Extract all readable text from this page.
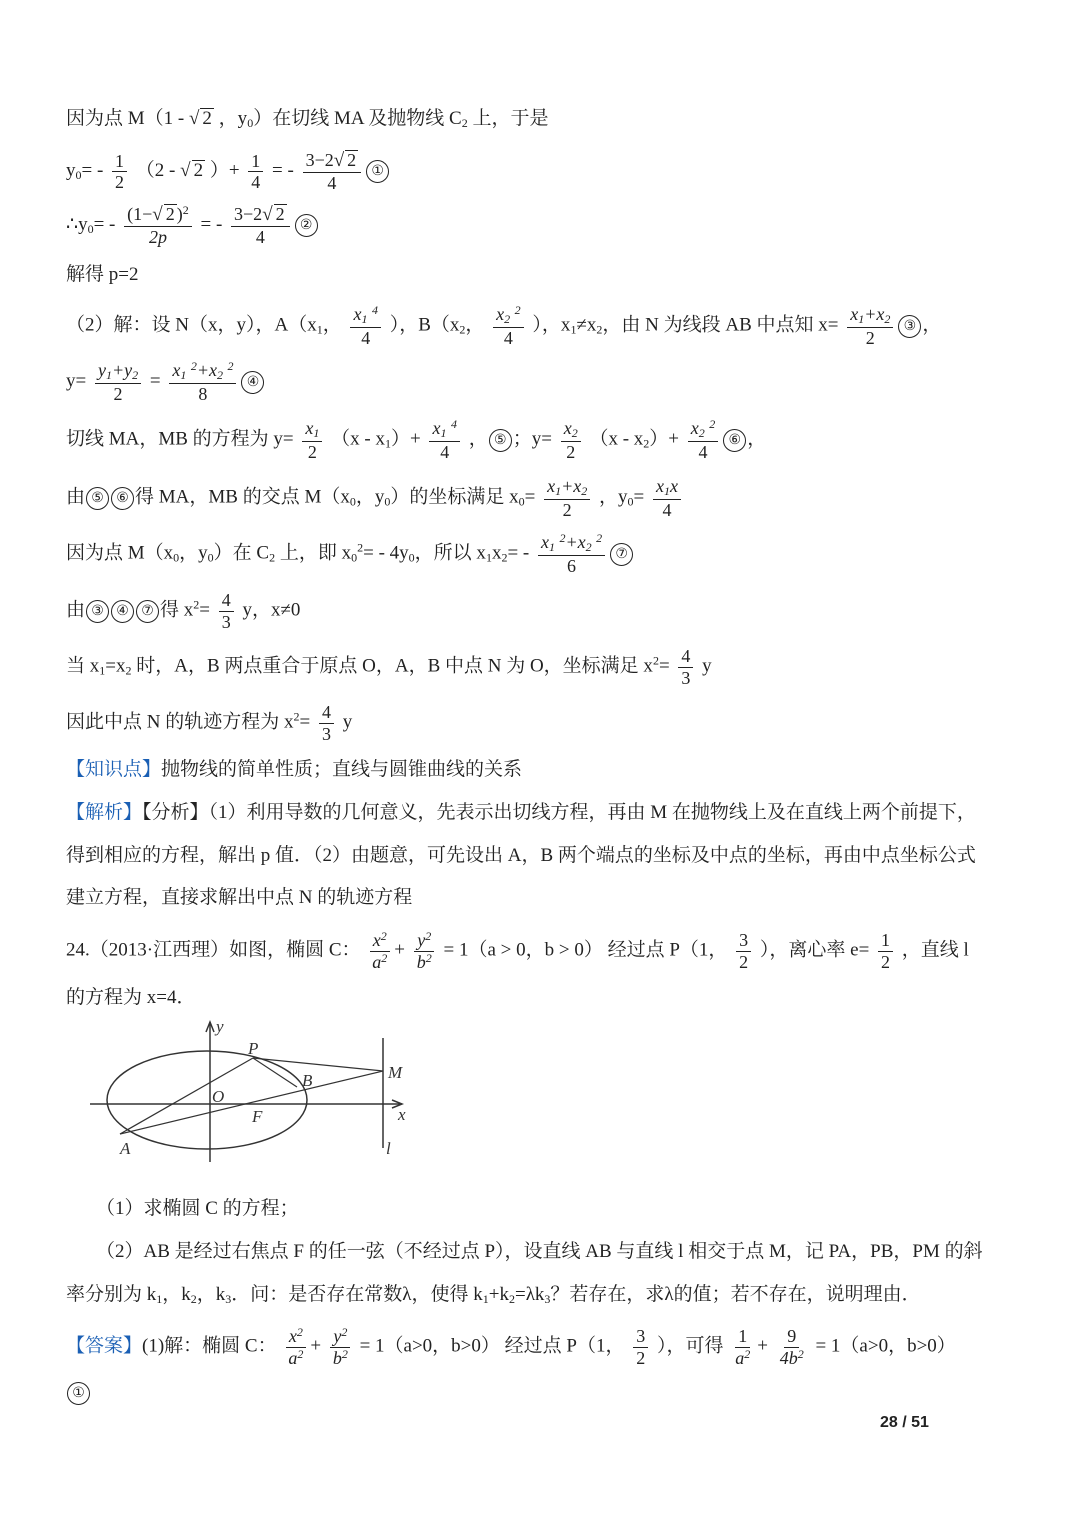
因为点 M（1 - √ 2 ，$y_0$）在切线 MA 及抛物线 $C_2$ 上，于是
$y_0= - \frac{1}{2} (2$ - √ 2 ）+ $\frac{1}{4}$ = - $\frac{3-2√ 2}{4}$ ①
$\therefore y_0= - \frac{(1-√ 2 )^2}{2p}$ = - $\frac{3-2√ 2}{4}$ ②
解得 p=2
（2）解：设 N（x，y），$A(x_1$， $\frac{x_1 ^4}{4}$ ），$B(x_2$， $\frac{x_2 ^2}{4}$ ），$x_1\ne x_2$，由 N 为线段 AB 中点知 $x= \frac{x_1+x_2}{2}$ ③ ，
$y= \frac{y_1+y_2}{2} = \frac{x_1 ^2+x_2 ^2}{8}$ ④
切线 MA，MB 的方程为 $y= \frac{x_1}{2} (x - x_1)+ \frac{x_1 ^4}{4}$ ， ⑤ ；$y= \frac{x_2}{2} (x - x_2)+ \frac{x_2 ^2}{4}$ ⑥ ，
由 ⑤ ⑥ 得 MA，MB 的交点 $M(x_0$，$y_0$）的坐标满足 $x_0= \frac{x_1+x_2}{2}$ ，$y_0= \frac{x_1x}{4}$
因为点 $M(x_0$，$y_0$）在 $C_2$ 上，即 $x_0^2= - 4y_0$，所以 $x_1x_2= - \frac{x_1 ^2+x_2 ^2}{6}$ ⑦
由 ③ ④ ⑦ 得 $x^2= \frac{4}{3}$ y，x≠0
当 $x_1=x_2$ 时，A，B 两点重合于原点 O，A，B 中点 N 为 O，坐标满足 $x^2= \frac{4}{3}$ y
因此中点 N 的轨迹方程为 $x^2= \frac{4}{3}$ y
【知识点】抛物线的简单性质；直线与圆锥曲线的关系
【解析】【分析】（1）利用导数的几何意义，先表示出切线方程，再由 M 在抛物线上及在直线上两个前提下，
得到相应的方程，解出 p 值．（2）由题意，可先设出 A，B 两个端点的坐标及中点的坐标，再由中点坐标公式
建立方程，直接求解出中点 N 的轨迹方程
24.（2013·江西理）如图，椭圆 C： $\frac{x^2}{a^2} + \frac{y^2}{b^2} = 1(a > 0$，b > 0） 经过点 P（1， $\frac{3}{2}$ ），离心率 $e= \frac{1}{2}$ ，直线 l
的方程为 x=4．
y
x
P
M
B
O
F
A	l
（1）求椭圆 C 的方程；
（2）AB 是经过右焦点 F 的任一弦（不经过点 P），设直线 AB 与直线 l 相交于点 M，记 PA，PB，PM 的斜
率分别为 $k_1$，$k_2$，$k_3$．问：是否存在常数λ，使得 $k_1+k_2=\lambda k_3$？若存在，求λ的值；若不存在，说明理由．
【答案】(1)解：椭圆 C： $\frac{x^2}{a^2} + \frac{y^2}{b^2} = 1(a>0$，b>0） 经过点 P（1， $\frac{3}{2}$ ），可得 $\frac{1}{a^2} + \frac{9}{4b^2} = 1(a>0$，b>0）
①
28 / 51
